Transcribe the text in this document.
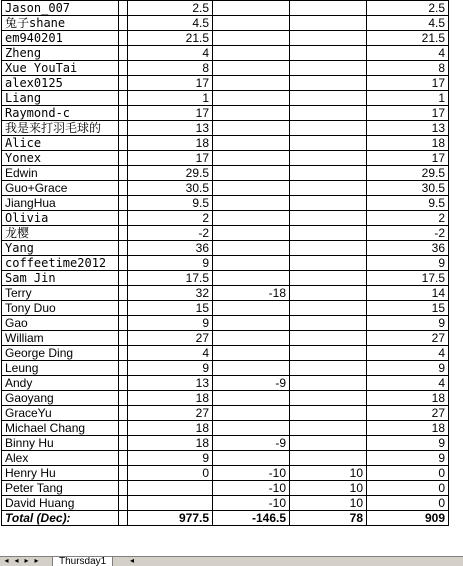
Jason_007		2.5			2.5
兔子shane		4.5			4.5
em940201		21.5			21.5
Zheng		4			4
Xue YouTai		8			8
alex0125		17			17
Liang		1			1
Raymond-c		17			17
我是来打羽毛球的		13			13
Alice		18			18
Yonex		17			17
Edwin		29.5			29.5
Guo+Grace		30.5			30.5
JiangHua		9.5			9.5
Olivia		2			2
龙樱		-2			-2
Yang		36			36
coffeetime2012		9			9
Sam Jin		17.5			17.5
Terry		32	-18		14
Tony Duo		15			15
Gao		9			9
William		27			27
George Ding		4			4
Leung		9			9
Andy		13	-9		4
Gaoyang		18			18
GraceYu		27			27
Michael Chang		18			18
Binny Hu		18	-9		9
Alex		9			9
Henry Hu		0	-10	10	0
Peter Tang			-10	10	0
David Huang			-10	10	0
Total (Dec):		977.5	-146.5	78	909
◂ ◂ ▸ ▸	Thursday1	◂
